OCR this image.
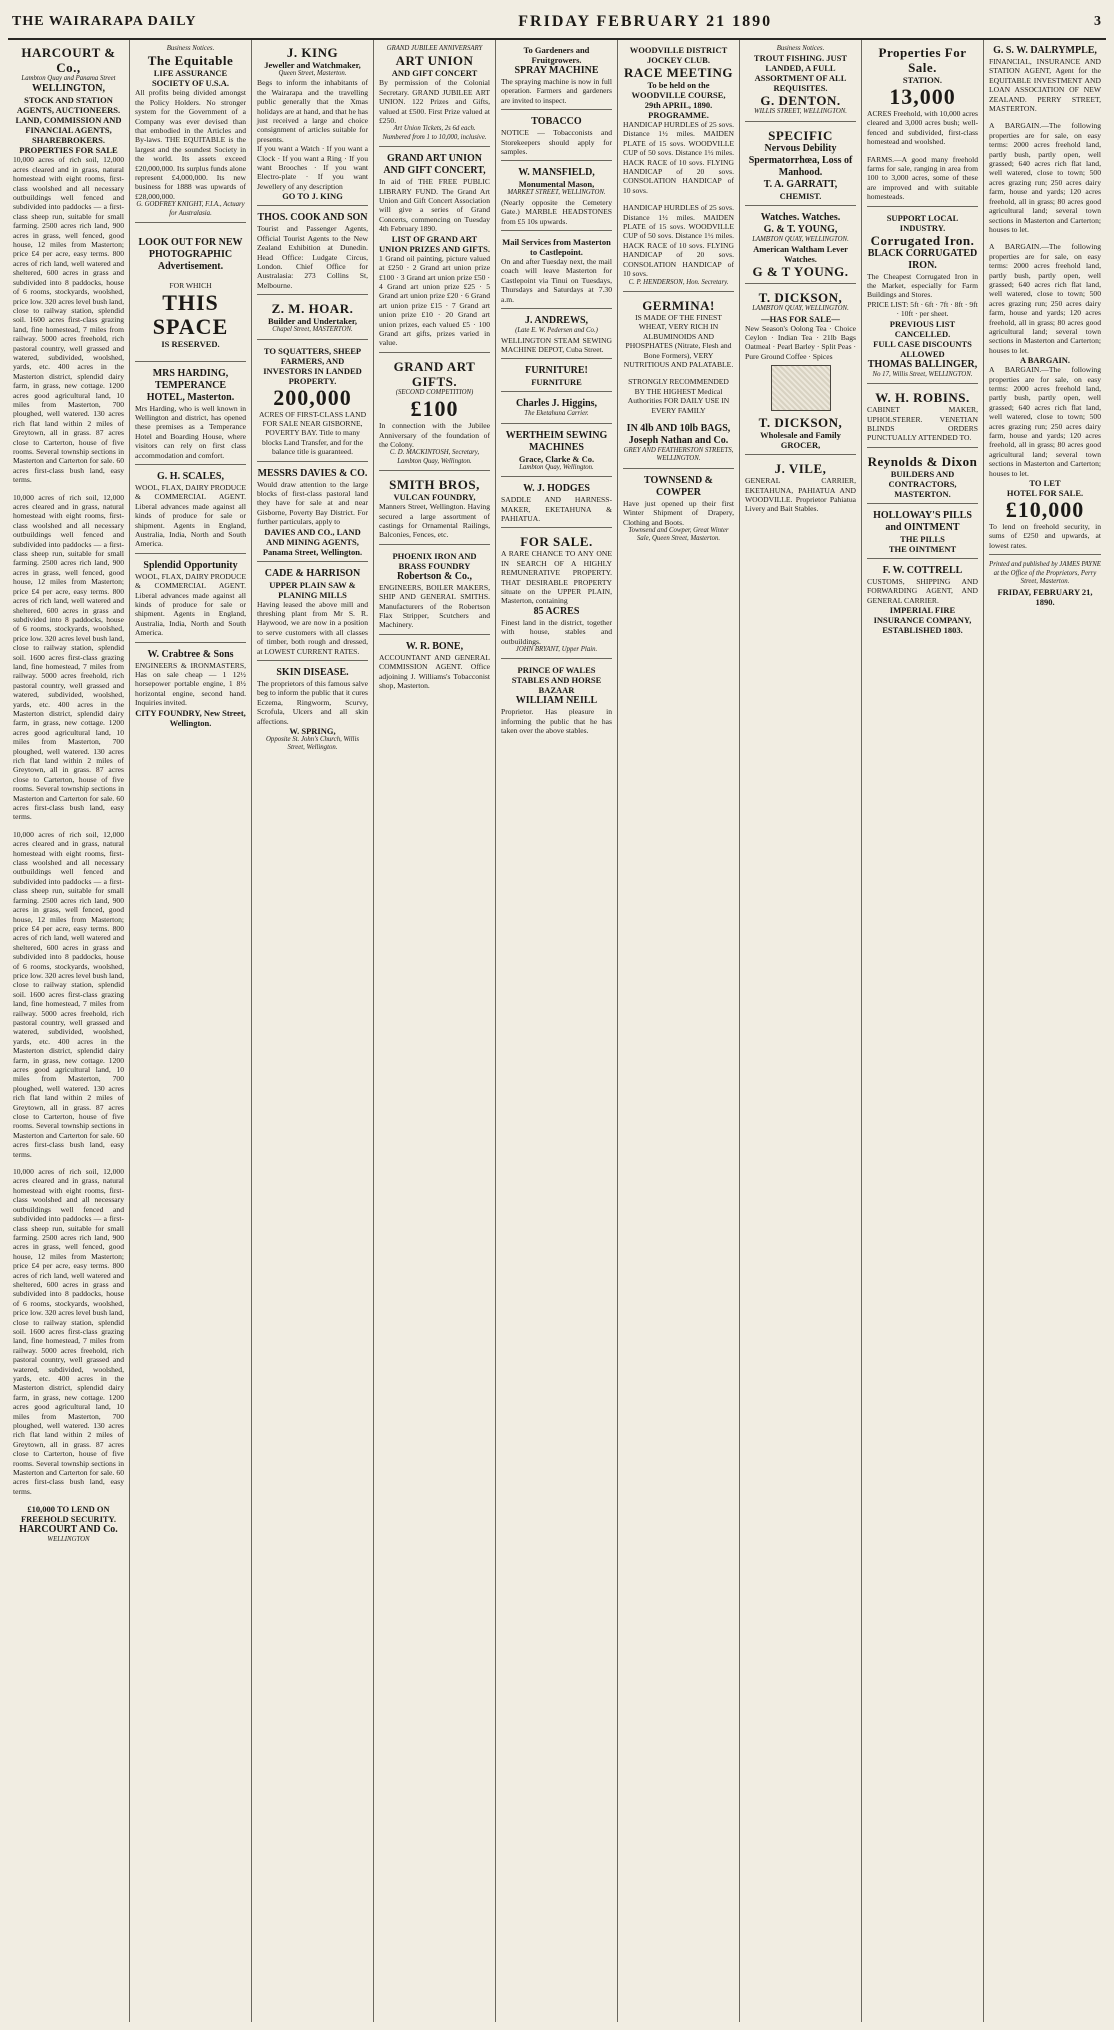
THE WAIRARAPA DAILY	FRIDAY FEBRUARY 21 1890	3
HARCOURT & Co.,
Lambton Quay and Panama Street
WELLINGTON,
STOCK AND STATION AGENTS, AUCTIONEERS.
LAND, COMMISSION AND FINANCIAL AGENTS, SHAREBROKERS.
PROPERTIES FOR SALE
10,000 acres of rich soil, 12,000 acres cleared and in grass, natural homestead with eight rooms, first-class woolshed and all necessary outbuildings well fenced and subdivided into paddocks — a first-class sheep run, suitable for small farming. 2500 acres rich land, 900 acres in grass, well fenced, good house, 12 miles from Masterton; price £4 per acre, easy terms. 800 acres of rich land, well watered and sheltered, 600 acres in grass and subdivided into 8 paddocks, house of 6 rooms, stockyards, woolshed, price low. 320 acres level bush land, close to railway station, splendid soil. 1600 acres first-class grazing land, fine homestead, 7 miles from railway. 5000 acres freehold, rich pastoral country, well grassed and watered, subdivided, woolshed, yards, etc. 400 acres in the Masterton district, splendid dairy farm, in grass, new cottage. 1200 acres good agricultural land, 10 miles from Masterton, 700 ploughed, well watered. 130 acres rich flat land within 2 miles of Greytown, all in grass. 87 acres close to Carterton, house of five rooms. Several township sections in Masterton and Carterton for sale. 60 acres first-class bush land, easy terms.
10,000 acres of rich soil, 12,000 acres cleared and in grass, natural homestead with eight rooms, first-class woolshed and all necessary outbuildings well fenced and subdivided into paddocks — a first-class sheep run, suitable for small farming. 2500 acres rich land, 900 acres in grass, well fenced, good house, 12 miles from Masterton; price £4 per acre, easy terms. 800 acres of rich land, well watered and sheltered, 600 acres in grass and subdivided into 8 paddocks, house of 6 rooms, stockyards, woolshed, price low. 320 acres level bush land, close to railway station, splendid soil. 1600 acres first-class grazing land, fine homestead, 7 miles from railway. 5000 acres freehold, rich pastoral country, well grassed and watered, subdivided, woolshed, yards, etc. 400 acres in the Masterton district, splendid dairy farm, in grass, new cottage. 1200 acres good agricultural land, 10 miles from Masterton, 700 ploughed, well watered. 130 acres rich flat land within 2 miles of Greytown, all in grass. 87 acres close to Carterton, house of five rooms. Several township sections in Masterton and Carterton for sale. 60 acres first-class bush land, easy terms.
10,000 acres of rich soil, 12,000 acres cleared and in grass, natural homestead with eight rooms, first-class woolshed and all necessary outbuildings well fenced and subdivided into paddocks — a first-class sheep run, suitable for small farming. 2500 acres rich land, 900 acres in grass, well fenced, good house, 12 miles from Masterton; price £4 per acre, easy terms. 800 acres of rich land, well watered and sheltered, 600 acres in grass and subdivided into 8 paddocks, house of 6 rooms, stockyards, woolshed, price low. 320 acres level bush land, close to railway station, splendid soil. 1600 acres first-class grazing land, fine homestead, 7 miles from railway. 5000 acres freehold, rich pastoral country, well grassed and watered, subdivided, woolshed, yards, etc. 400 acres in the Masterton district, splendid dairy farm, in grass, new cottage. 1200 acres good agricultural land, 10 miles from Masterton, 700 ploughed, well watered. 130 acres rich flat land within 2 miles of Greytown, all in grass. 87 acres close to Carterton, house of five rooms. Several township sections in Masterton and Carterton for sale. 60 acres first-class bush land, easy terms.
10,000 acres of rich soil, 12,000 acres cleared and in grass, natural homestead with eight rooms, first-class woolshed and all necessary outbuildings well fenced and subdivided into paddocks — a first-class sheep run, suitable for small farming. 2500 acres rich land, 900 acres in grass, well fenced, good house, 12 miles from Masterton; price £4 per acre, easy terms. 800 acres of rich land, well watered and sheltered, 600 acres in grass and subdivided into 8 paddocks, house of 6 rooms, stockyards, woolshed, price low. 320 acres level bush land, close to railway station, splendid soil. 1600 acres first-class grazing land, fine homestead, 7 miles from railway. 5000 acres freehold, rich pastoral country, well grassed and watered, subdivided, woolshed, yards, etc. 400 acres in the Masterton district, splendid dairy farm, in grass, new cottage. 1200 acres good agricultural land, 10 miles from Masterton, 700 ploughed, well watered. 130 acres rich flat land within 2 miles of Greytown, all in grass. 87 acres close to Carterton, house of five rooms. Several township sections in Masterton and Carterton for sale. 60 acres first-class bush land, easy terms.
£10,000 TO LEND ON FREEHOLD SECURITY.
HARCOURT AND Co.
WELLINGTON
Business Notices.
The Equitable
LIFE ASSURANCE SOCIETY OF U.S.A.
All profits being divided amongst the Policy Holders. No stronger system for the Government of a Company was ever devised than that embodied in the Articles and By-laws. THE EQUITABLE is the largest and the soundest Society in the world. Its assets exceed £20,000,000. Its surplus funds alone represent £4,000,000. Its new business for 1888 was upwards of £28,000,000.
G. GODFREY KNIGHT, F.I.A., Actuary for Australasia.
LOOK OUT FOR NEW PHOTOGRAPHIC Advertisement.
FOR WHICH
THIS SPACE
IS RESERVED.
MRS HARDING, TEMPERANCE HOTEL, Masterton.
Mrs Harding, who is well known in Wellington and district, has opened these premises as a Temperance Hotel and Boarding House, where visitors can rely on first class accommodation and comfort.
G. H. SCALES,
WOOL, FLAX, DAIRY PRODUCE & COMMERCIAL AGENT. Liberal advances made against all kinds of produce for sale or shipment. Agents in England, Australia, India, North and South America.
Splendid Opportunity
WOOL, FLAX, DAIRY PRODUCE & COMMERCIAL AGENT. Liberal advances made against all kinds of produce for sale or shipment. Agents in England, Australia, India, North and South America.
W. Crabtree & Sons
ENGINEERS & IRONMASTERS, Has on sale cheap — 1 12½ horsepower portable engine, 1 8½ horizontal engine, second hand. Inquiries invited.
CITY FOUNDRY, New Street, Wellington.
J. KING
Jeweller and Watchmaker,
Queen Street, Masterton.
Begs to inform the inhabitants of the Wairarapa and the travelling public generally that the Xmas holidays are at hand, and that he has just received a large and choice consignment of articles suitable for presents.
If you want a Watch · If you want a Clock · If you want a Ring · If you want Brooches · If you want Electro-plate · If you want Jewellery of any description
GO TO J. KING
THOS. COOK AND SON
Tourist and Passenger Agents, Official Tourist Agents to the New Zealand Exhibition at Dunedin. Head Office: Ludgate Circus, London. Chief Office for Australasia: 273 Collins St, Melbourne.
Z. M. HOAR.
Builder and Undertaker,
Chapel Street, MASTERTON.
TO SQUATTERS, SHEEP FARMERS, AND INVESTORS IN LANDED PROPERTY.
200,000
ACRES OF FIRST-CLASS LAND FOR SALE NEAR GISBORNE, POVERTY BAY. Title to many blocks Land Transfer, and for the balance title is guaranteed.
MESSRS DAVIES & CO.
Would draw attention to the large blocks of first-class pastoral land they have for sale at and near Gisborne, Poverty Bay District. For further particulars, apply to
DAVIES AND CO., LAND AND MINING AGENTS, Panama Street, Wellington.
CADE & HARRISON
UPPER PLAIN SAW & PLANING MILLS
Having leased the above mill and threshing plant from Mr S. R. Haywood, we are now in a position to serve customers with all classes of timber, both rough and dressed, at LOWEST CURRENT RATES.
SKIN DISEASE.
The proprietors of this famous salve beg to inform the public that it cures Eczema, Ringworm, Scurvy, Scrofula, Ulcers and all skin affections.
W. SPRING,
Opposite St. John's Church, Willis Street, Wellington.
GRAND JUBILEE ANNIVERSARY
ART UNION
AND GIFT CONCERT
By permission of the Colonial Secretary. GRAND JUBILEE ART UNION. 122 Prizes and Gifts, valued at £500. First Prize valued at £250.
Art Union Tickets, 2s 6d each. Numbered from 1 to 10,000, inclusive.
GRAND ART UNION AND GIFT CONCERT,
In aid of THE FREE PUBLIC LIBRARY FUND. The Grand Art Union and Gift Concert Association will give a series of Grand Concerts, commencing on Tuesday 4th February 1890.
LIST OF GRAND ART UNION PRIZES AND GIFTS.
1 Grand oil painting, picture valued at £250 · 2 Grand art union prize £100 · 3 Grand art union prize £50 · 4 Grand art union prize £25 · 5 Grand art union prize £20 · 6 Grand art union prize £15 · 7 Grand art union prize £10 · 20 Grand art union prizes, each valued £5 · 100 Grand art gifts, prizes varied in value.
GRAND ART GIFTS.
(SECOND COMPETITION)
£100
In connection with the Jubilee Anniversary of the foundation of the Colony.
C. D. MACKINTOSH, Secretary, Lambton Quay, Wellington.
SMITH BROS,
VULCAN FOUNDRY,
Manners Street, Wellington. Having secured a large assortment of castings for Ornamental Railings, Balconies, Fences, etc.
PHOENIX IRON AND BRASS FOUNDRY
Robertson & Co.,
ENGINEERS, BOILER MAKERS, SHIP AND GENERAL SMITHS. Manufacturers of the Robertson Flax Stripper, Scutchers and Machinery.
W. R. BONE,
ACCOUNTANT AND GENERAL COMMISSION AGENT. Office adjoining J. Williams's Tobacconist shop, Masterton.
To Gardeners and Fruitgrowers.
SPRAY MACHINE
The spraying machine is now in full operation. Farmers and gardeners are invited to inspect.
TOBACCO
NOTICE — Tobacconists and Storekeepers should apply for samples.
W. MANSFIELD,
Monumental Mason,
MARKET STREET, WELLINGTON.
(Nearly opposite the Cemetery Gate.) MARBLE HEADSTONES from £5 10s upwards.
Mail Services from Masterton to Castlepoint.
On and after Tuesday next, the mail coach will leave Masterton for Castlepoint via Tinui on Tuesdays, Thursdays and Saturdays at 7.30 a.m.
J. ANDREWS,
(Late E. W. Pedersen and Co.)
WELLINGTON STEAM SEWING MACHINE DEPOT, Cuba Street.
FURNITURE!
FURNITURE
Charles J. Higgins,
The Eketahuna Carrier.
WERTHEIM SEWING MACHINES
Grace, Clarke & Co.
Lambton Quay, Wellington.
W. J. HODGES
SADDLE AND HARNESS-MAKER, EKETAHUNA & PAHIATUA.
FOR SALE.
A RARE CHANCE TO ANY ONE IN SEARCH OF A HIGHLY REMUNERATIVE PROPERTY. THAT DESIRABLE PROPERTY situate on the UPPER PLAIN, Masterton, containing
85 ACRES
Finest land in the district, together with house, stables and outbuildings.
JOHN BRYANT, Upper Plain.
PRINCE OF WALES STABLES AND HORSE BAZAAR
WILLIAM NEILL
Proprietor. Has pleasure in informing the public that he has taken over the above stables.
WOODVILLE DISTRICT JOCKEY CLUB.
RACE MEETING
To be held on the WOODVILLE COURSE, 29th APRIL, 1890.
PROGRAMME.
HANDICAP HURDLES of 25 sovs. Distance 1½ miles. MAIDEN PLATE of 15 sovs. WOODVILLE CUP of 50 sovs. Distance 1½ miles. HACK RACE of 10 sovs. FLYING HANDICAP of 20 sovs. CONSOLATION HANDICAP of 10 sovs.
HANDICAP HURDLES of 25 sovs. Distance 1½ miles. MAIDEN PLATE of 15 sovs. WOODVILLE CUP of 50 sovs. Distance 1½ miles. HACK RACE of 10 sovs. FLYING HANDICAP of 20 sovs. CONSOLATION HANDICAP of 10 sovs.
C. P. HENDERSON, Hon. Secretary.
GERMINA!
IS MADE OF THE FINEST WHEAT, VERY RICH IN ALBUMINOIDS AND PHOSPHATES (Nitrate, Flesh and Bone Formers), VERY NUTRITIOUS AND PALATABLE.
STRONGLY RECOMMENDED BY THE HIGHEST Medical Authorities FOR DAILY USE IN EVERY FAMILY
IN 4lb AND 10lb BAGS,
Joseph Nathan and Co.
GREY AND FEATHERSTON STREETS, WELLINGTON.
TOWNSEND & COWPER
Have just opened up their first Winter Shipment of Drapery, Clothing and Boots.
Townsend and Cowper, Great Winter Sale, Queen Street, Masterton.
Business Notices.
TROUT FISHING. JUST LANDED, A FULL ASSORTMENT OF ALL REQUISITES.
G. DENTON.
WILLIS STREET, WELLINGTON.
SPECIFIC
Nervous Debility Spermatorrhœa, Loss of Manhood.
T. A. GARRATT,
CHEMIST.
Watches. Watches.
G. & T. YOUNG,
LAMBTON QUAY, WELLINGTON.
American Waltham Lever Watches.
G & T YOUNG.
T. DICKSON,
LAMBTON QUAY, WELLINGTON.
—HAS FOR SALE—
New Season's Oolong Tea · Choice Ceylon · Indian Tea · 21lb Bags Oatmeal · Pearl Barley · Split Peas · Pure Ground Coffee · Spices
T. DICKSON,
Wholesale and Family GROCER,
J. VILE,
GENERAL CARRIER, EKETAHUNA, PAHIATUA AND WOODVILLE. Proprietor Pahiatua Livery and Bait Stables.
Properties For Sale.
STATION.
13,000
ACRES Freehold, with 10,000 acres cleared and 3,000 acres bush; well-fenced and subdivided, first-class homestead and woolshed.
FARMS.—A good many freehold farms for sale, ranging in area from 100 to 3,000 acres, some of these are improved and with suitable homesteads.
SUPPORT LOCAL INDUSTRY.
Corrugated Iron.
BLACK CORRUGATED IRON.
The Cheapest Corrugated Iron in the Market, especially for Farm Buildings and Stores.
PRICE LIST: 5ft · 6ft · 7ft · 8ft · 9ft · 10ft · per sheet.
PREVIOUS LIST CANCELLED.
FULL CASE DISCOUNTS ALLOWED
THOMAS BALLINGER,
No 17, Willis Street, WELLINGTON.
W. H. ROBINS.
CABINET MAKER, UPHOLSTERER. VENETIAN BLINDS ORDERS PUNCTUALLY ATTENDED TO.
Reynolds & Dixon
BUILDERS AND CONTRACTORS, MASTERTON.
HOLLOWAY'S PILLS and OINTMENT
THE PILLS
THE OINTMENT
F. W. COTTRELL
CUSTOMS, SHIPPING AND FORWARDING AGENT, AND GENERAL CARRIER.
IMPERIAL FIRE INSURANCE COMPANY, ESTABLISHED 1803.
G. S. W. DALRYMPLE,
FINANCIAL, INSURANCE AND STATION AGENT, Agent for the EQUITABLE INVESTMENT AND LOAN ASSOCIATION OF NEW ZEALAND. PERRY STREET, MASTERTON.
A BARGAIN.—The following properties are for sale, on easy terms: 2000 acres freehold land, partly bush, partly open, well grassed; 640 acres rich flat land, well watered, close to town; 500 acres grazing run; 250 acres dairy farm, house and yards; 120 acres freehold, all in grass; 80 acres good agricultural land; several town sections in Masterton and Carterton; houses to let.
A BARGAIN.—The following properties are for sale, on easy terms: 2000 acres freehold land, partly bush, partly open, well grassed; 640 acres rich flat land, well watered, close to town; 500 acres grazing run; 250 acres dairy farm, house and yards; 120 acres freehold, all in grass; 80 acres good agricultural land; several town sections in Masterton and Carterton; houses to let.
A BARGAIN.
A BARGAIN.—The following properties are for sale, on easy terms: 2000 acres freehold land, partly bush, partly open, well grassed; 640 acres rich flat land, well watered, close to town; 500 acres grazing run; 250 acres dairy farm, house and yards; 120 acres freehold, all in grass; 80 acres good agricultural land; several town sections in Masterton and Carterton; houses to let.
TO LET
HOTEL FOR SALE.
£10,000
To lend on freehold security, in sums of £250 and upwards, at lowest rates.
Printed and published by JAMES PAYNE at the Office of the Proprietors, Perry Street, Masterton.
FRIDAY, FEBRUARY 21, 1890.
